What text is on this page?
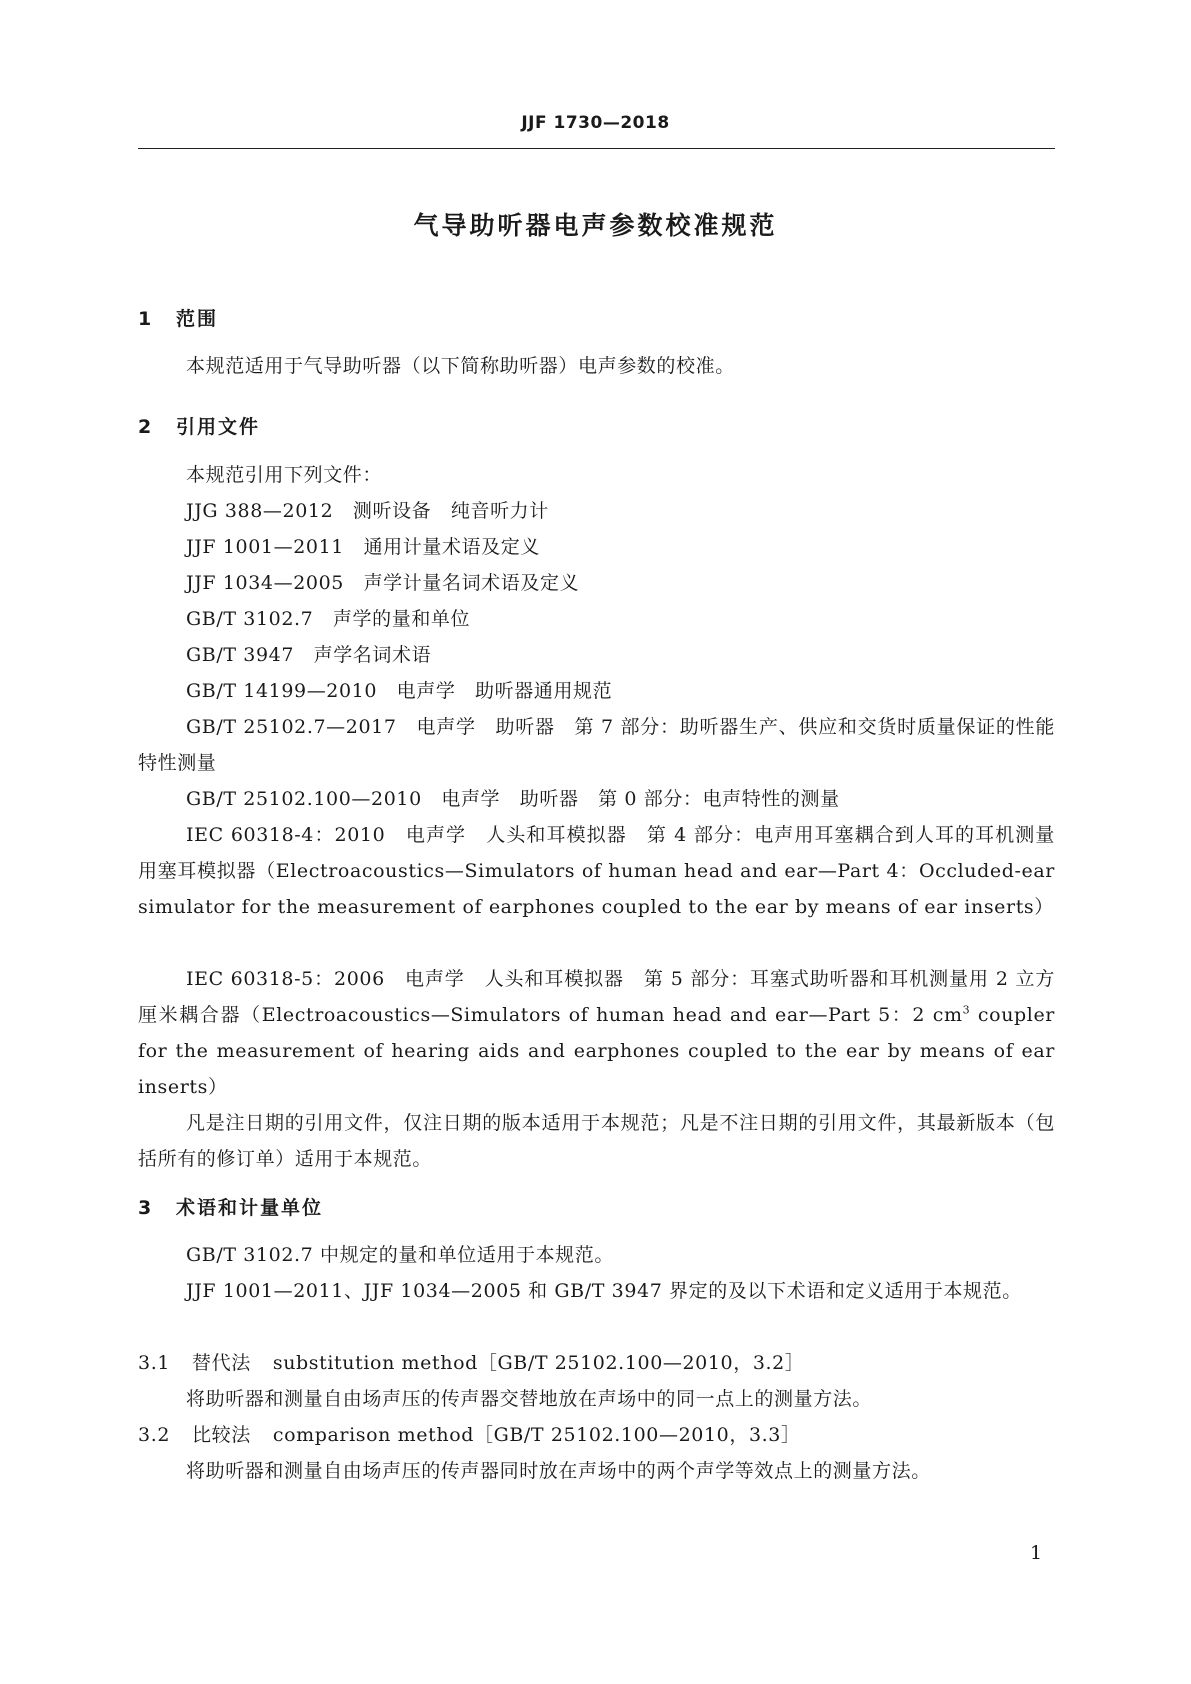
JJF 1730—2018
气导助听器电声参数校准规范
1 范围
本规范适用于气导助听器（以下简称助听器）电声参数的校准。
2 引用文件
本规范引用下列文件：
JJG 388—2012　测听设备　纯音听力计
JJF 1001—2011　通用计量术语及定义
JJF 1034—2005　声学计量名词术语及定义
GB/T 3102.7　声学的量和单位
GB/T 3947　声学名词术语
GB/T 14199—2010　电声学　助听器通用规范
GB/T 25102.7—2017　电声学　助听器　第 7 部分：助听器生产、供应和交货时质量保证的性能特性测量
GB/T 25102.100—2010　电声学　助听器　第 0 部分：电声特性的测量
IEC 60318-4：2010　电声学　人头和耳模拟器　第 4 部分：电声用耳塞耦合到人耳的耳机测量用塞耳模拟器（Electroacoustics—Simulators of human head and ear—Part 4：Occluded-ear simulator for the measurement of earphones coupled to the ear by means of ear inserts）
IEC 60318-5：2006　电声学　人头和耳模拟器　第 5 部分：耳塞式助听器和耳机测量用 2 立方厘米耦合器（Electroacoustics—Simulators of human head and ear—Part 5：2 $cm^3$ coupler for the measurement of hearing aids and earphones coupled to the ear by means of ear inserts）
凡是注日期的引用文件，仅注日期的版本适用于本规范；凡是不注日期的引用文件，其最新版本（包括所有的修订单）适用于本规范。
3 术语和计量单位
GB/T 3102.7 中规定的量和单位适用于本规范。
JJF 1001—2011、JJF 1034—2005 和 GB/T 3947 界定的及以下术语和定义适用于本规范。
3.1 替代法 substitution method［GB/T 25102.100—2010，3.2］
将助听器和测量自由场声压的传声器交替地放在声场中的同一点上的测量方法。
3.2 比较法 comparison method［GB/T 25102.100—2010，3.3］
将助听器和测量自由场声压的传声器同时放在声场中的两个声学等效点上的测量方法。
1
